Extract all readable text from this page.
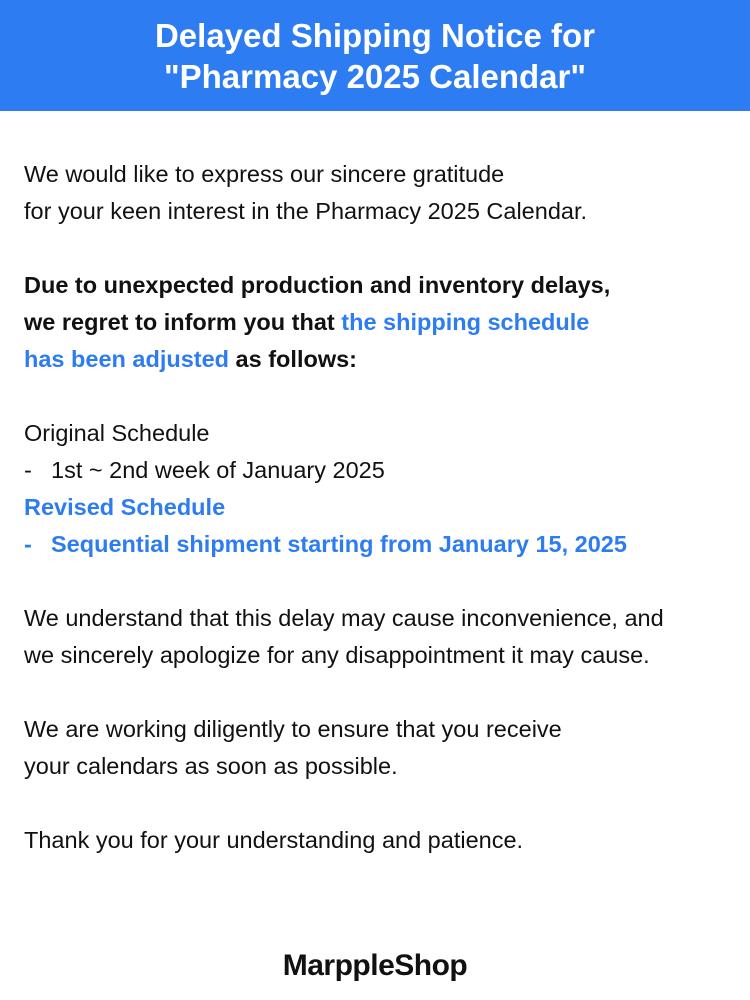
Delayed Shipping Notice for
"Pharmacy 2025 Calendar"
We would like to express our sincere gratitude
for your keen interest in the Pharmacy 2025 Calendar.
Due to unexpected production and inventory delays,
we regret to inform you that the shipping schedule
has been adjusted as follows:
Original Schedule
- 1st ~ 2nd week of January 2025
Revised Schedule
- Sequential shipment starting from January 15, 2025
We understand that this delay may cause inconvenience, and
we sincerely apologize for any disappointment it may cause.
We are working diligently to ensure that you receive
your calendars as soon as possible.
Thank you for your understanding and patience.
MarppleShop
